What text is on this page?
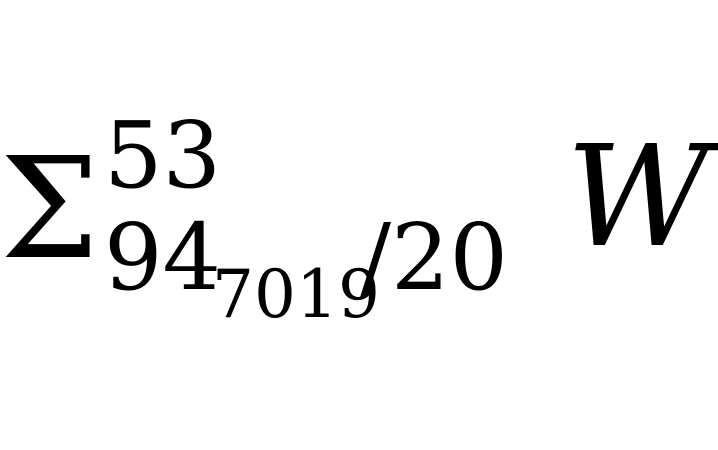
Σ 53
94
7019
/20 W
